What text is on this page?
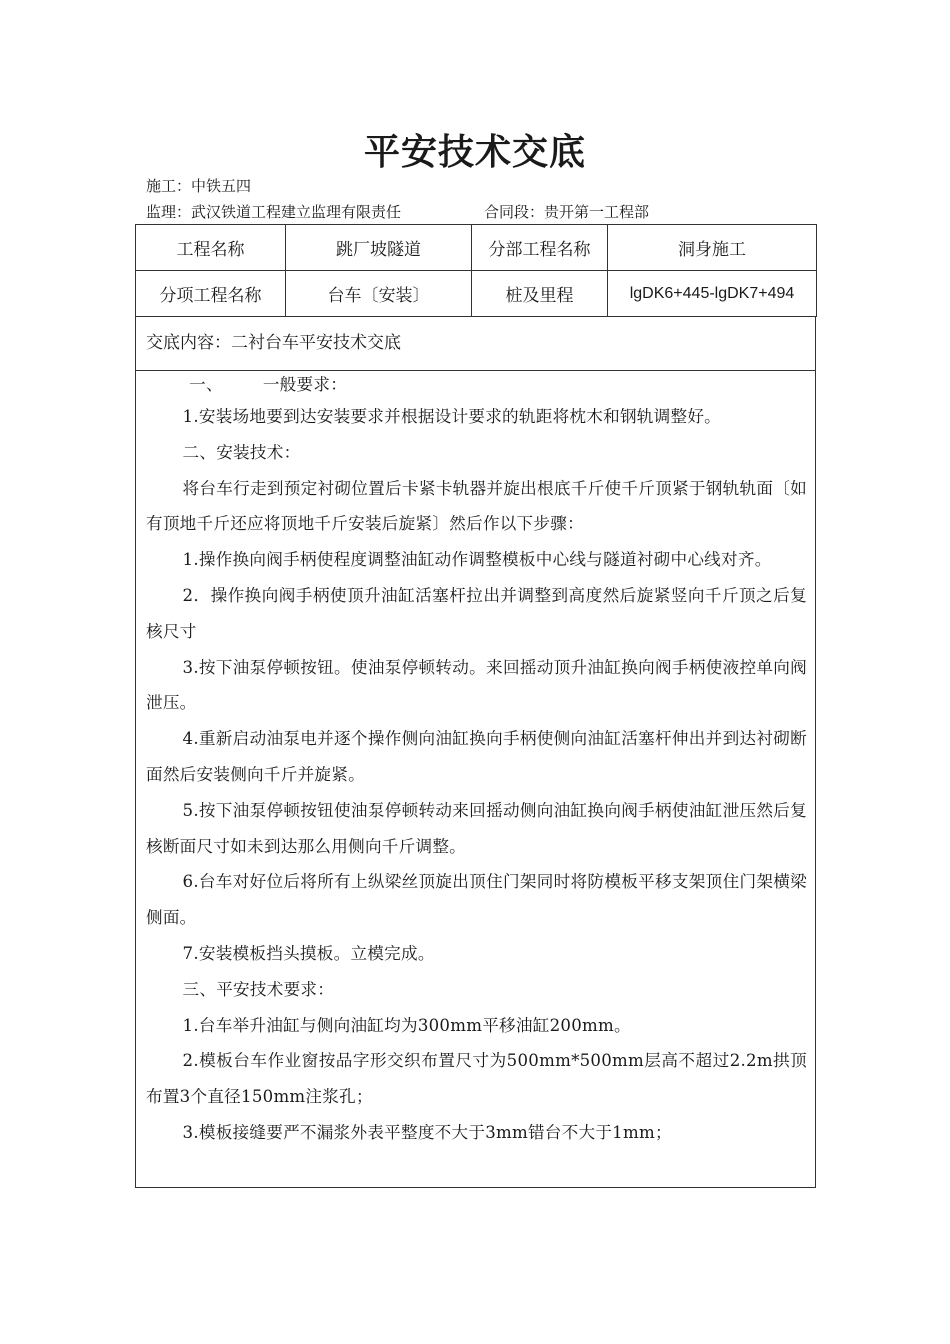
平安技术交底
施工：中铁五四
监理：武汉铁道工程建立监理有限责任	合同段：贵开第一工程部
工程名称	跳厂坡隧道	分部工程名称	洞身施工
分项工程名称	台车〔安装〕	桩及里程	lgDK6+445-lgDK7+494
交底内容：二衬台车平安技术交底

一、 一般要求：

1.安装场地要到达安装要求并根据设计要求的轨距将枕木和钢轨调整好。

二、安装技术：

将台车行走到预定衬砌位置后卡紧卡轨器并旋出根底千斤使千斤顶紧于钢轨轨面〔如有顶地千斤还应将顶地千斤安装后旋紧〕然后作以下步骤：

1.操作换向阀手柄使程度调整油缸动作调整模板中心线与隧道衬砌中心线对齐。

2．操作换向阀手柄使顶升油缸活塞杆拉出并调整到高度然后旋紧竖向千斤顶之后复核尺寸

3.按下油泵停顿按钮。使油泵停顿转动。来回摇动顶升油缸换向阀手柄使液控单向阀泄压。

4.重新启动油泵电并逐个操作侧向油缸换向手柄使侧向油缸活塞杆伸出并到达衬砌断面然后安装侧向千斤并旋紧。

5.按下油泵停顿按钮使油泵停顿转动来回摇动侧向油缸换向阀手柄使油缸泄压然后复核断面尺寸如未到达那么用侧向千斤调整。

6.台车对好位后将所有上纵梁丝顶旋出顶住门架同时将防模板平移支架顶住门架横梁侧面。

7.安装模板挡头摸板。立模完成。

三、平安技术要求：

1.台车举升油缸与侧向油缸均为300mm平移油缸200mm。

2.模板台车作业窗按品字形交织布置尺寸为500mm*500mm层高不超过2.2m拱顶布置3个直径150mm注浆孔；

3.模板接缝要严不漏浆外表平整度不大于3mm错台不大于1mm；
